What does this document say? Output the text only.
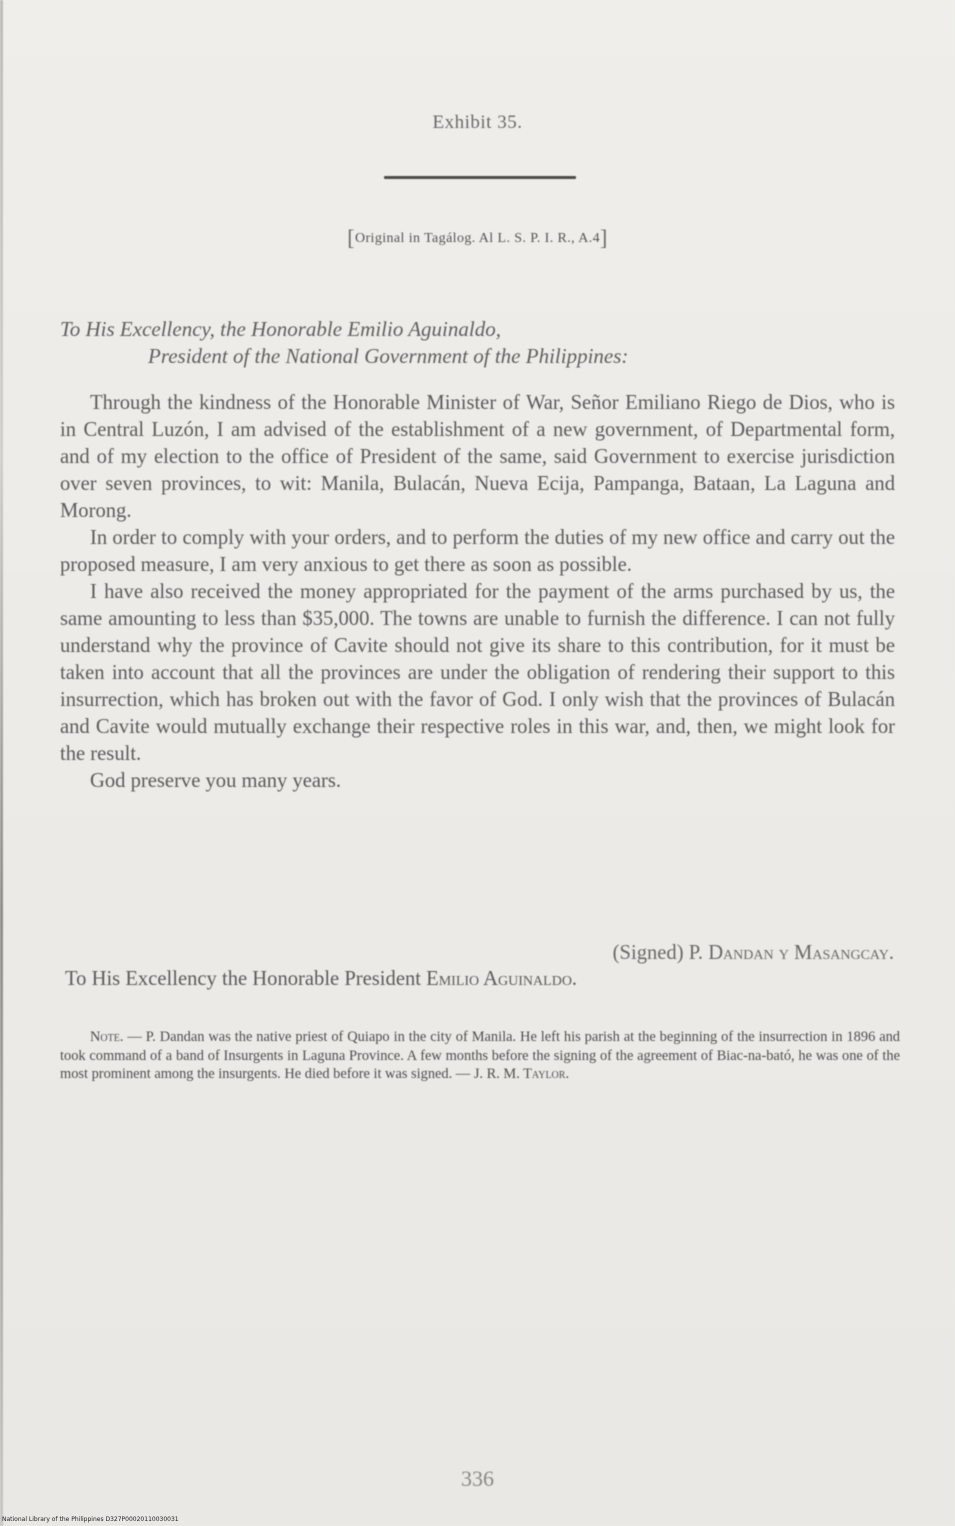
Exhibit 35.
[Original in Tagálog. Al L. S. P. I. R., A.4]
To His Excellency, the Honorable Emilio Aguinaldo,
President of the National Government of the Philippines:

Through the kindness of the Honorable Minister of War, Señor Emiliano Riego de Dios, who is in Central Luzón, I am advised of the establishment of a new government, of Departmental form, and of my election to the office of President of the same, said Government to exercise jurisdiction over seven provinces, to wit: Manila, Bulacán, Nueva Ecija, Pampanga, Bataan, La Laguna and Morong.

In order to comply with your orders, and to perform the duties of my new office and carry out the proposed measure, I am very anxious to get there as soon as possible.

I have also received the money appropriated for the payment of the arms purchased by us, the same amounting to less than $35,000. The towns are unable to furnish the difference. I can not fully understand why the province of Cavite should not give its share to this contribution, for it must be taken into account that all the provinces are under the obligation of rendering their support to this insurrection, which has broken out with the favor of God. I only wish that the provinces of Bulacán and Cavite would mutually exchange their respective roles in this war, and, then, we might look for the result.

God preserve you many years.

(Signed) P. Dandan y Masangcay.
To His Excellency the Honorable President Emilio Aguinaldo.
Note. — P. Dandan was the native priest of Quiapo in the city of Manila. He left his parish at the beginning of the insurrection in 1896 and took command of a band of Insurgents in Laguna Province. A few months before the signing of the agreement of Biac-na-bató, he was one of the most prominent among the insurgents. He died before it was signed. — J. R. M. Taylor.
336
National Library of the Philippines D327P00020110030031
